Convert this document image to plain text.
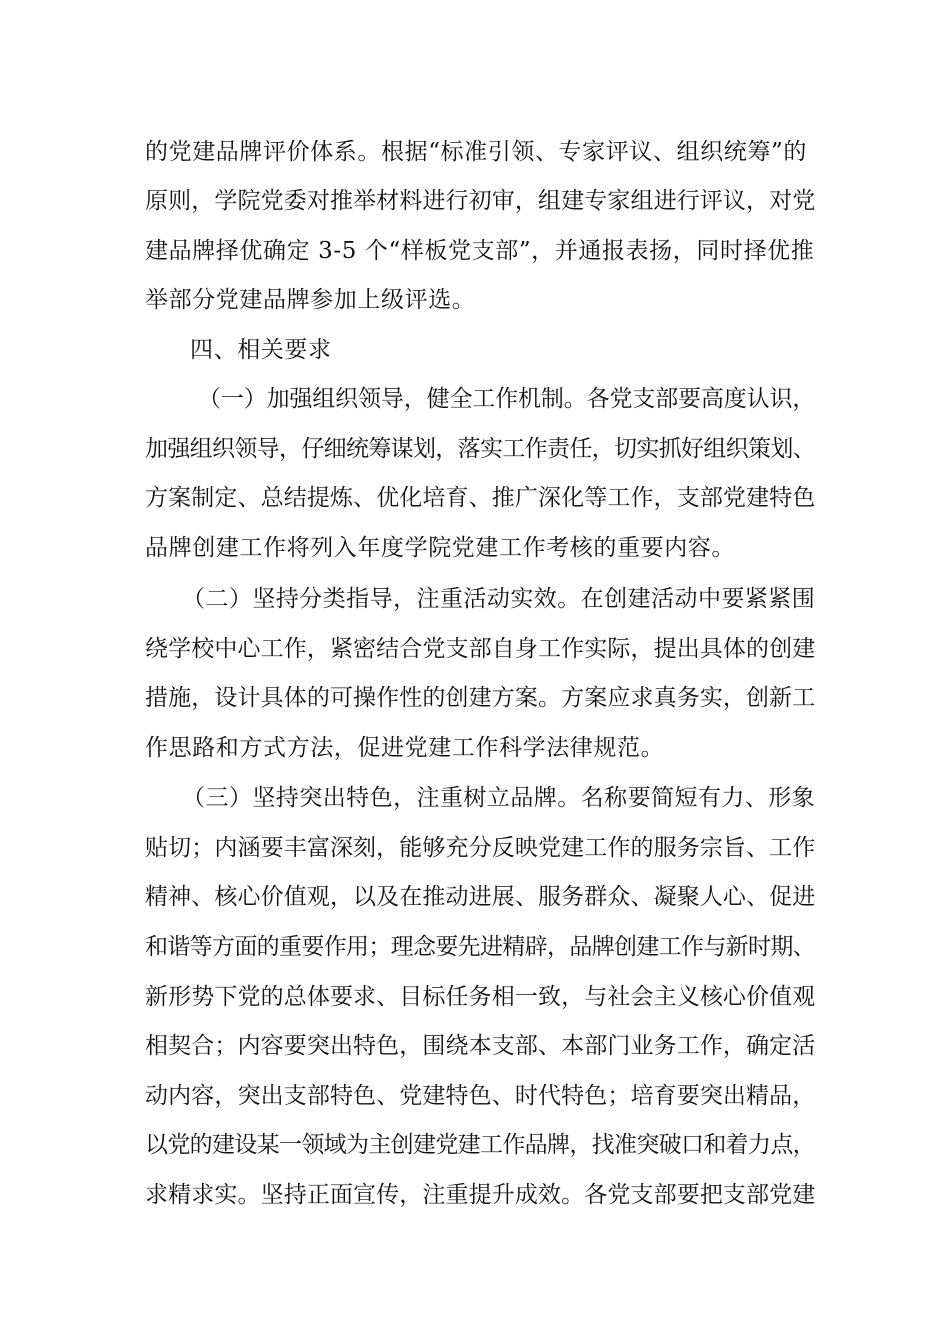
的党建品牌评价体系。根据“标准引领、专家评议、组织统筹”的
原则，学院党委对推举材料进行初审，组建专家组进行评议，对党
建品牌择优确定 3-5 个“样板党支部”，并通报表扬，同时择优推
举部分党建品牌参加上级评选。
四、相关要求
（一）加强组织领导，健全工作机制。各党支部要高度认识，
加强组织领导，仔细统筹谋划，落实工作责任，切实抓好组织策划、
方案制定、总结提炼、优化培育、推广深化等工作，支部党建特色
品牌创建工作将列入年度学院党建工作考核的重要内容。
（二）坚持分类指导，注重活动实效。在创建活动中要紧紧围
绕学校中心工作，紧密结合党支部自身工作实际，提出具体的创建
措施，设计具体的可操作性的创建方案。方案应求真务实，创新工
作思路和方式方法，促进党建工作科学法律规范。
（三）坚持突出特色，注重树立品牌。名称要简短有力、形象
贴切；内涵要丰富深刻，能够充分反映党建工作的服务宗旨、工作
精神、核心价值观，以及在推动进展、服务群众、凝聚人心、促进
和谐等方面的重要作用；理念要先进精辟，品牌创建工作与新时期、
新形势下党的总体要求、目标任务相一致，与社会主义核心价值观
相契合；内容要突出特色，围绕本支部、本部门业务工作，确定活
动内容，突出支部特色、党建特色、时代特色；培育要突出精品，
以党的建设某一领域为主创建党建工作品牌，找准突破口和着力点，
求精求实。坚持正面宣传，注重提升成效。各党支部要把支部党建
